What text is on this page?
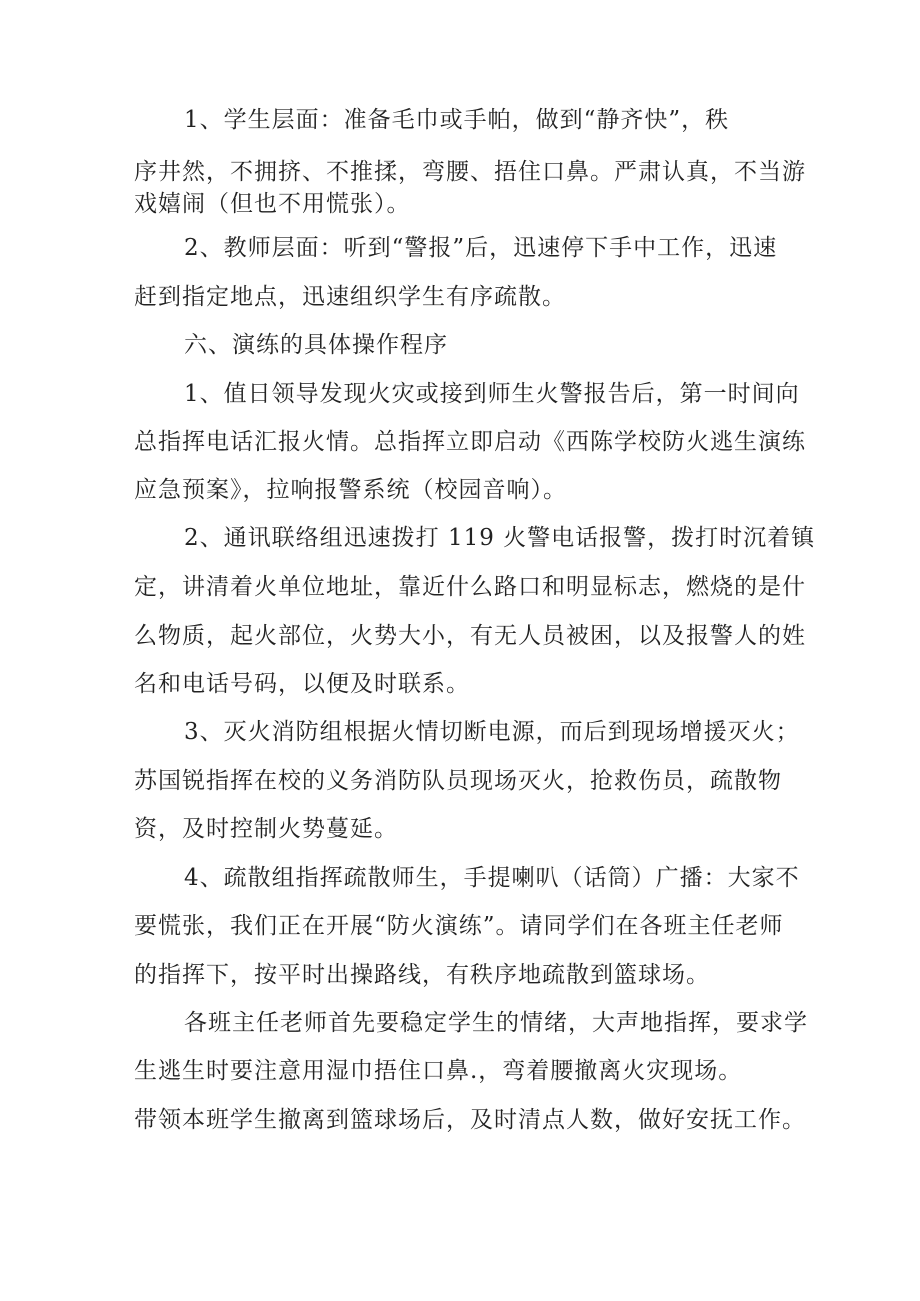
1、学生层面：准备毛巾或手帕，做到“静齐快”，秩
序井然，不拥挤、不推揉，弯腰、捂住口鼻。严肃认真，不当游
戏嬉闹（但也不用慌张）。
2、教师层面：听到“警报”后，迅速停下手中工作，迅速
赶到指定地点，迅速组织学生有序疏散。
六、演练的具体操作程序
1、值日领导发现火灾或接到师生火警报告后，第一时间向
总指挥电话汇报火情。总指挥立即启动《西陈学校防火逃生演练
应急预案》，拉响报警系统（校园音响）。
2、通讯联络组迅速拨打 119 火警电话报警，拨打时沉着镇
定，讲清着火单位地址，靠近什么路口和明显标志，燃烧的是什
么物质，起火部位，火势大小，有无人员被困，以及报警人的姓
名和电话号码，以便及时联系。
3、灭火消防组根据火情切断电源，而后到现场增援灭火；
苏国锐指挥在校的义务消防队员现场灭火，抢救伤员，疏散物
资，及时控制火势蔓延。
4、疏散组指挥疏散师生，手提喇叭（话筒）广播：大家不
要慌张，我们正在开展“防火演练”。请同学们在各班主任老师
的指挥下，按平时出操路线，有秩序地疏散到篮球场。
各班主任老师首先要稳定学生的情绪，大声地指挥，要求学
生逃生时要注意用湿巾捂住口鼻.，弯着腰撤离火灾现场。
带领本班学生撤离到篮球场后，及时清点人数，做好安抚工作。
